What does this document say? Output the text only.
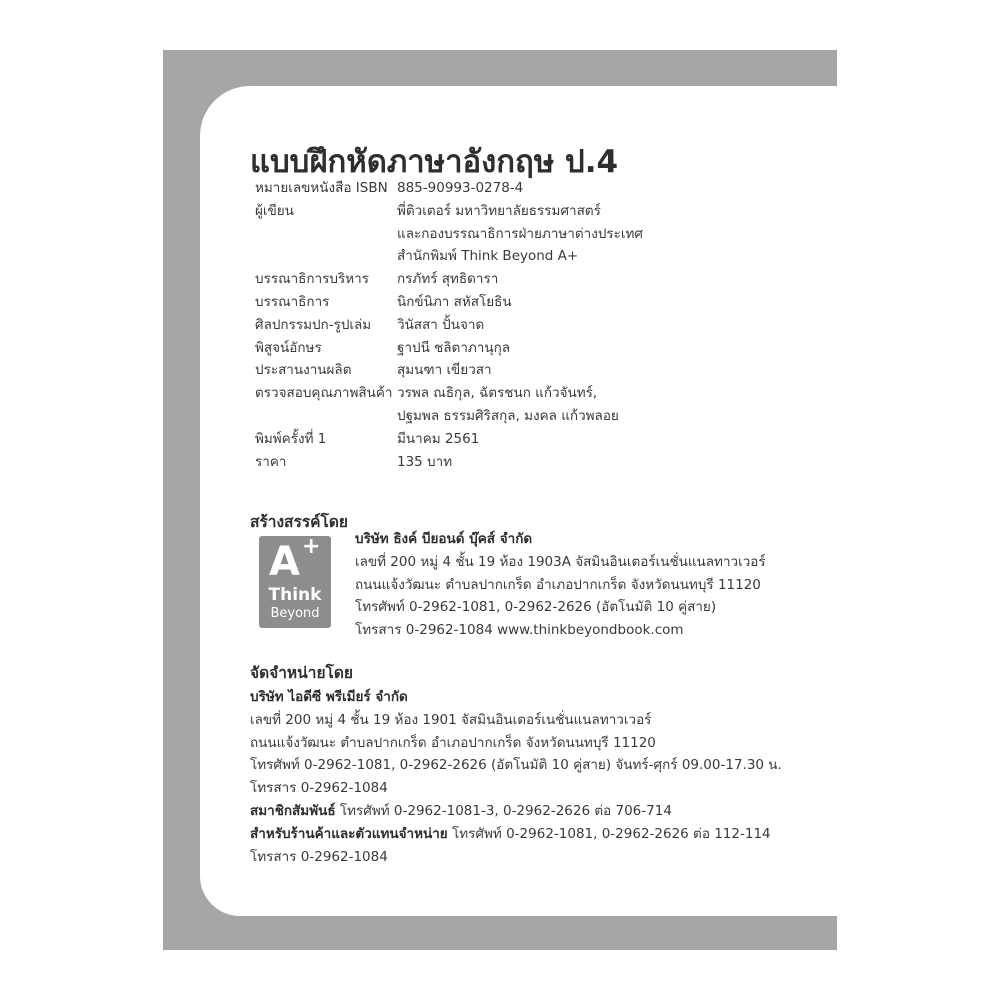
แบบฝึกหัดภาษาอังกฤษ ป.4
หมายเลขหนังสือ ISBN 885-90993-0278-4
ผู้เขียน	พี่ติวเตอร์ มหาวิทยาลัยธรรมศาสตร์
และกองบรรณาธิการฝ่ายภาษาต่างประเทศ
สำนักพิมพ์ Think Beyond A+
บรรณาธิการบริหาร	กรภัทร์ สุทธิดารา
บรรณาธิการ	นิกข์นิภา สหัสโยธิน
ศิลปกรรมปก-รูปเล่ม	วินัสสา ปั้นจาด
พิสูจน์อักษร	ฐาปนี ชลิตาภานุกุล
ประสานงานผลิต	สุมนฑา เขียวสา
ตรวจสอบคุณภาพสินค้า วรพล ณธิกุล, ฉัตรชนก แก้วจันทร์,
ปฐมพล ธรรมศิริสกุล, มงคล แก้วพลอย
พิมพ์ครั้งที่ 1	มีนาคม 2561
ราคา	135 บาท
สร้างสรรค์โดย
A +
Think
Beyond
บริษัท ธิงค์ บียอนด์ บุ๊คส์ จำกัด
เลขที่ 200 หมู่ 4 ชั้น 19 ห้อง 1903A จัสมินอินเตอร์เนชั่นแนลทาวเวอร์
ถนนแจ้งวัฒนะ ตำบลปากเกร็ด อำเภอปากเกร็ด จังหวัดนนทบุรี 11120
โทรศัพท์ 0-2962-1081, 0-2962-2626 (อัตโนมัติ 10 คู่สาย)
โทรสาร 0-2962-1084 www.thinkbeyondbook.com
จัดจำหน่ายโดย
บริษัท ไอดีซี พรีเมียร์ จำกัด
เลขที่ 200 หมู่ 4 ชั้น 19 ห้อง 1901 จัสมินอินเตอร์เนชั่นแนลทาวเวอร์
ถนนแจ้งวัฒนะ ตำบลปากเกร็ด อำเภอปากเกร็ด จังหวัดนนทบุรี 11120
โทรศัพท์ 0-2962-1081, 0-2962-2626 (อัตโนมัติ 10 คู่สาย) จันทร์-ศุกร์ 09.00-17.30 น.
โทรสาร 0-2962-1084
สมาชิกสัมพันธ์ โทรศัพท์ 0-2962-1081-3, 0-2962-2626 ต่อ 706-714
สำหรับร้านค้าและตัวแทนจำหน่าย โทรศัพท์ 0-2962-1081, 0-2962-2626 ต่อ 112-114
โทรสาร 0-2962-1084
